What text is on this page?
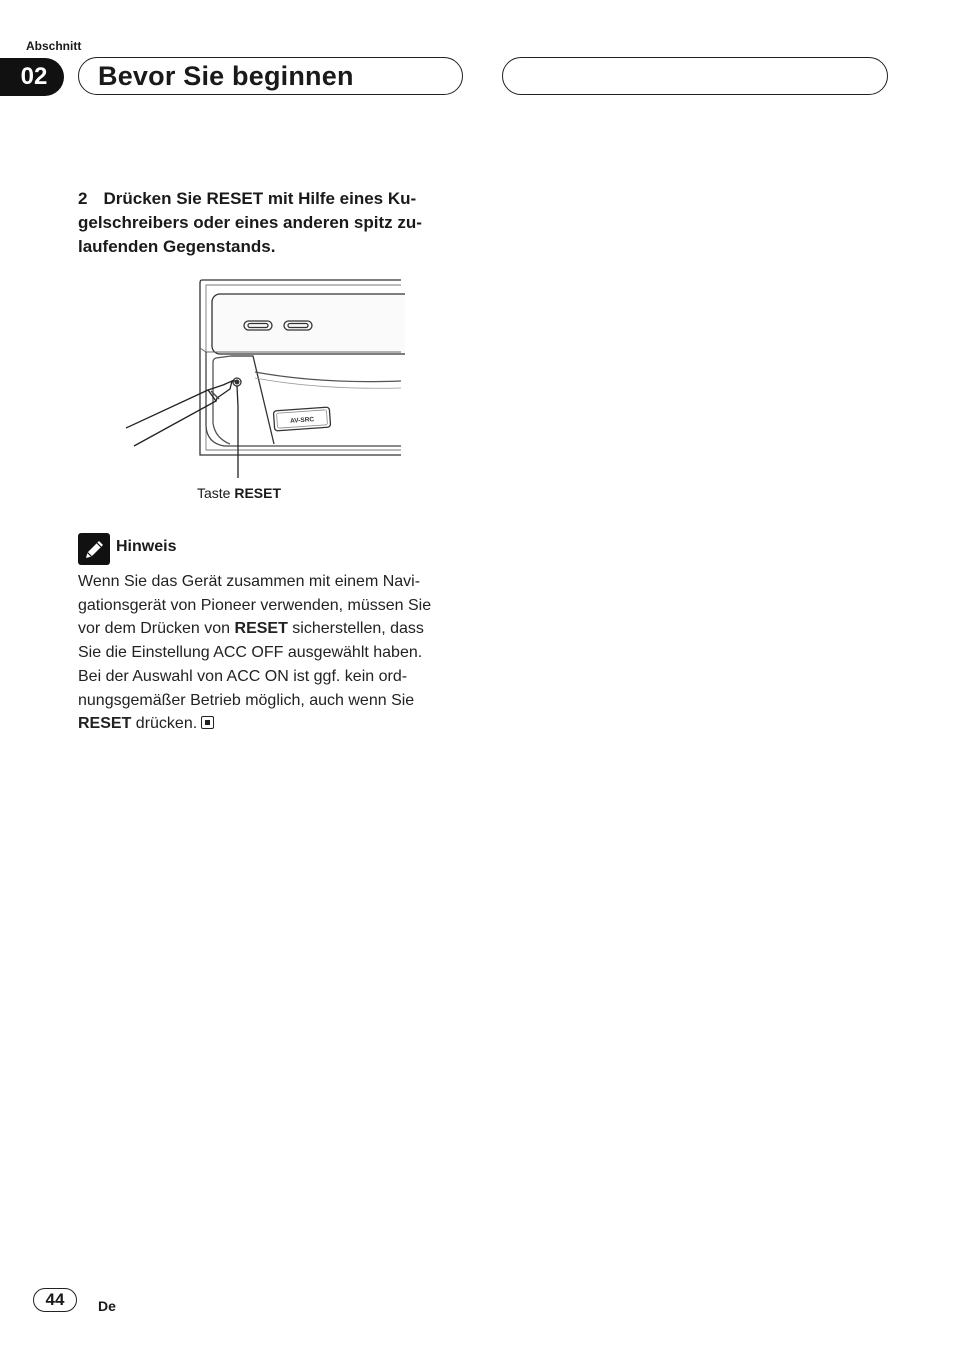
Abschnitt
02	Bevor Sie beginnen
2 Drücken Sie RESET mit Hilfe eines Ku-
gelschreibers oder eines anderen spitz zu-
laufenden Gegenstands.
AV-SRC
Taste RESET
Hinweis
Wenn Sie das Gerät zusammen mit einem Navi-
gationsgerät von Pioneer verwenden, müssen Sie
vor dem Drücken von RESET sicherstellen, dass
Sie die Einstellung ACC OFF ausgewählt haben.
Bei der Auswahl von ACC ON ist ggf. kein ord-
nungsgemäßer Betrieb möglich, auch wenn Sie
RESET drücken.
44	De
